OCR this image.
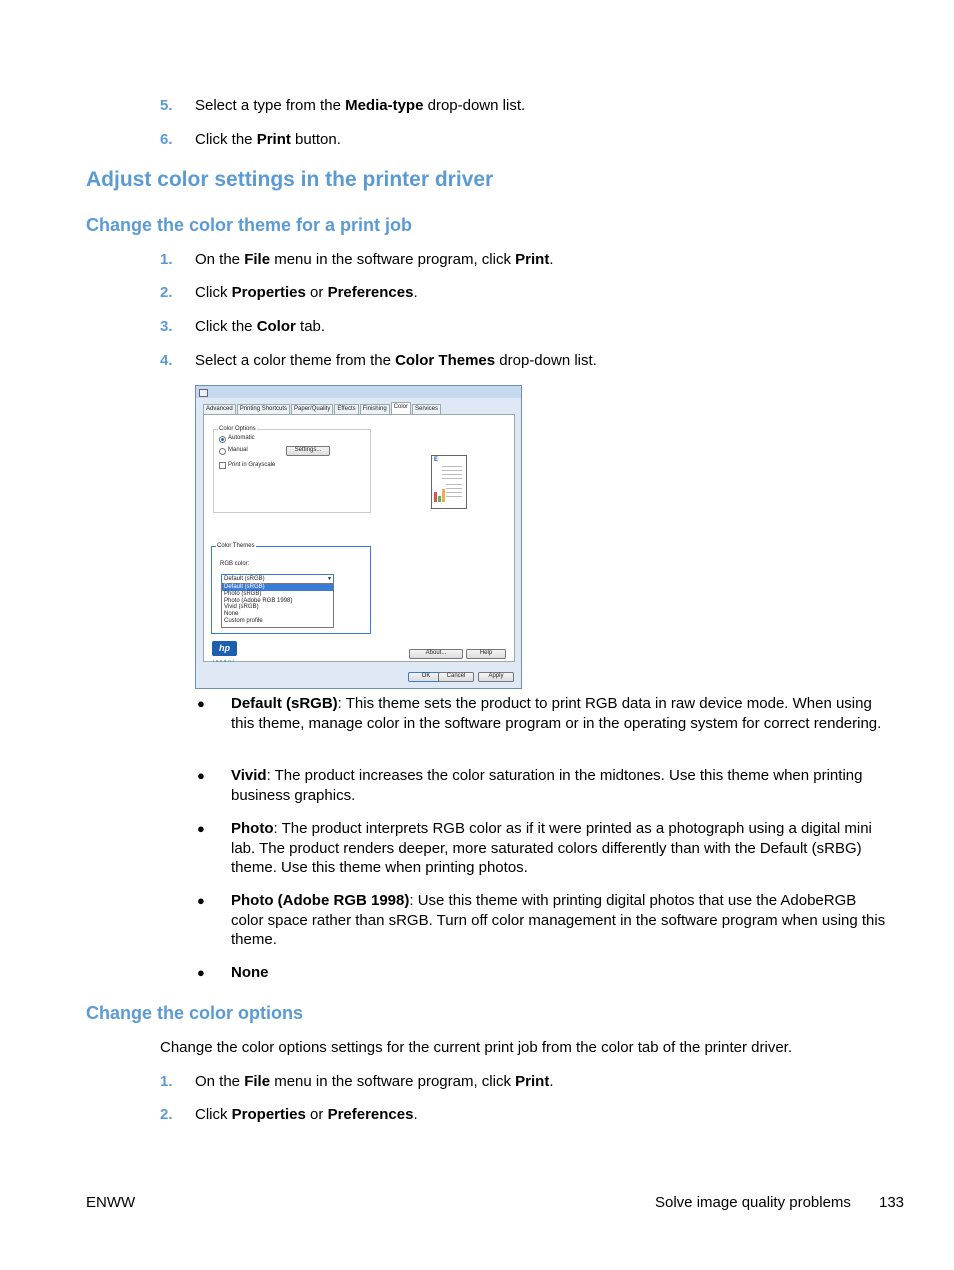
5. Select a type from the Media-type drop-down list.
6. Click the Print button.
Adjust color settings in the printer driver
Change the color theme for a print job
1. On the File menu in the software program, click Print.
2. Click Properties or Preferences.
3. Click the Color tab.
4. Select a color theme from the Color Themes drop-down list.
Advanced	Printing Shortcuts	Paper/Quality	Effects	Finishing	Color	Services
Color Options
Automatic
Manual	Settings...
Print in Grayscale
E
Color Themes
RGB color:
Default (sRGB)	▼
Default (sRGB)
Photo (sRGB)
Photo (Adobe RGB 1998)
Vivid (sRGB)
None
Custom profile
hp
invent
About...	Help
OK	Cancel	Apply
● Default (sRGB): This theme sets the product to print RGB data in raw device mode. When using this theme, manage color in the software program or in the operating system for correct rendering.
● Vivid: The product increases the color saturation in the midtones. Use this theme when printing business graphics.
● Photo: The product interprets RGB color as if it were printed as a photograph using a digital mini lab. The product renders deeper, more saturated colors differently than with the Default (sRBG) theme. Use this theme when printing photos.
● Photo (Adobe RGB 1998): Use this theme with printing digital photos that use the AdobeRGB color space rather than sRGB. Turn off color management in the software program when using this theme.
● None
Change the color options
Change the color options settings for the current print job from the color tab of the printer driver.
1. On the File menu in the software program, click Print.
2. Click Properties or Preferences.
ENWW	Solve image quality problems 133
